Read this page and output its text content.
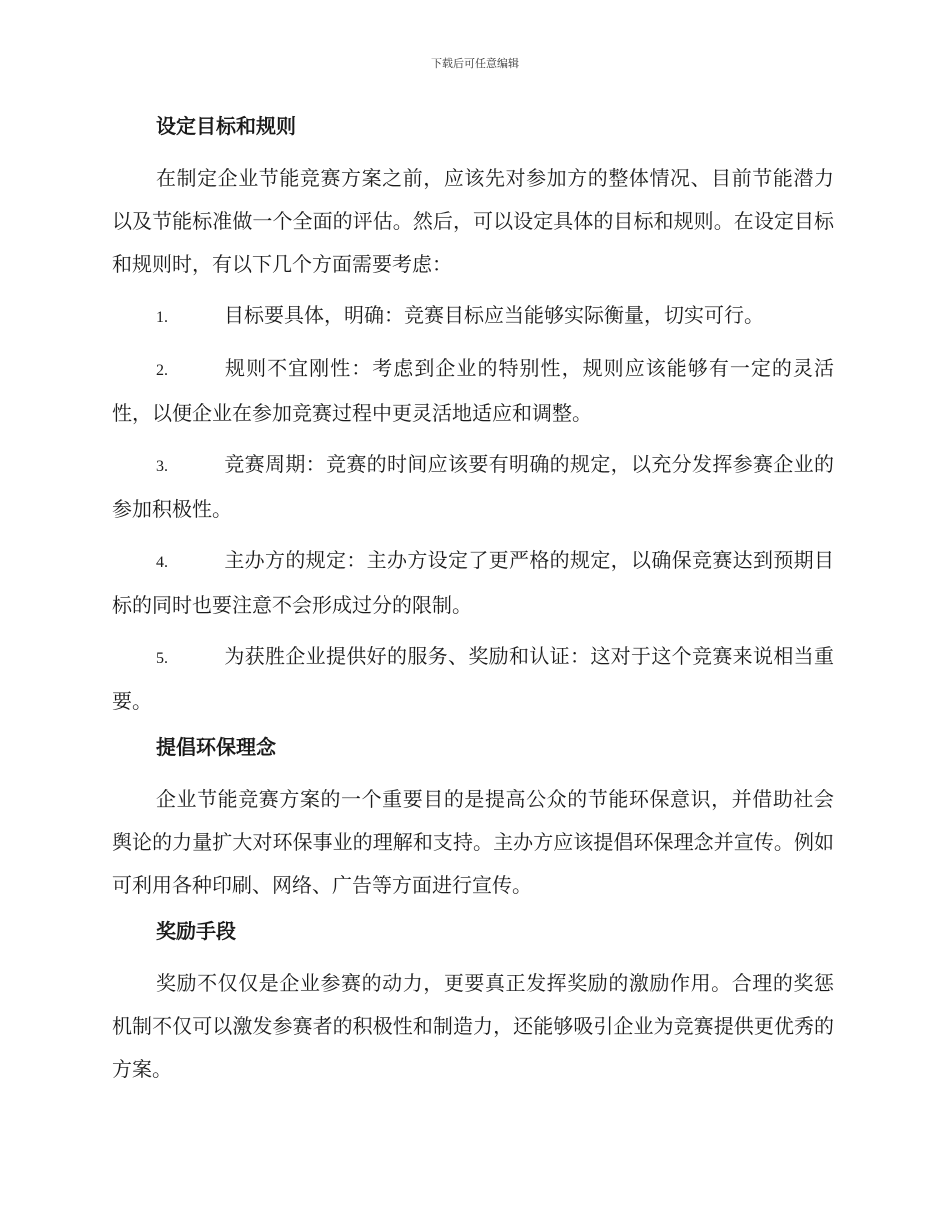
下载后可任意编辑
设定目标和规则

在制定企业节能竞赛方案之前，应该先对参加方的整体情况、目前节能潜力以及节能标准做一个全面的评估。然后，可以设定具体的目标和规则。在设定目标和规则时，有以下几个方面需要考虑：

1.	目标要具体，明确：竞赛目标应当能够实际衡量，切实可行。

2.	规则不宜刚性：考虑到企业的特别性，规则应该能够有一定的灵活性，以便企业在参加竞赛过程中更灵活地适应和调整。

3.	竞赛周期：竞赛的时间应该要有明确的规定，以充分发挥参赛企业的参加积极性。

4.	主办方的规定：主办方设定了更严格的规定，以确保竞赛达到预期目标的同时也要注意不会形成过分的限制。

5.	为获胜企业提供好的服务、奖励和认证：这对于这个竞赛来说相当重要。

提倡环保理念

企业节能竞赛方案的一个重要目的是提高公众的节能环保意识，并借助社会舆论的力量扩大对环保事业的理解和支持。主办方应该提倡环保理念并宣传。例如可利用各种印刷、网络、广告等方面进行宣传。

奖励手段

奖励不仅仅是企业参赛的动力，更要真正发挥奖励的激励作用。合理的奖惩机制不仅可以激发参赛者的积极性和制造力，还能够吸引企业为竞赛提供更优秀的方案。
